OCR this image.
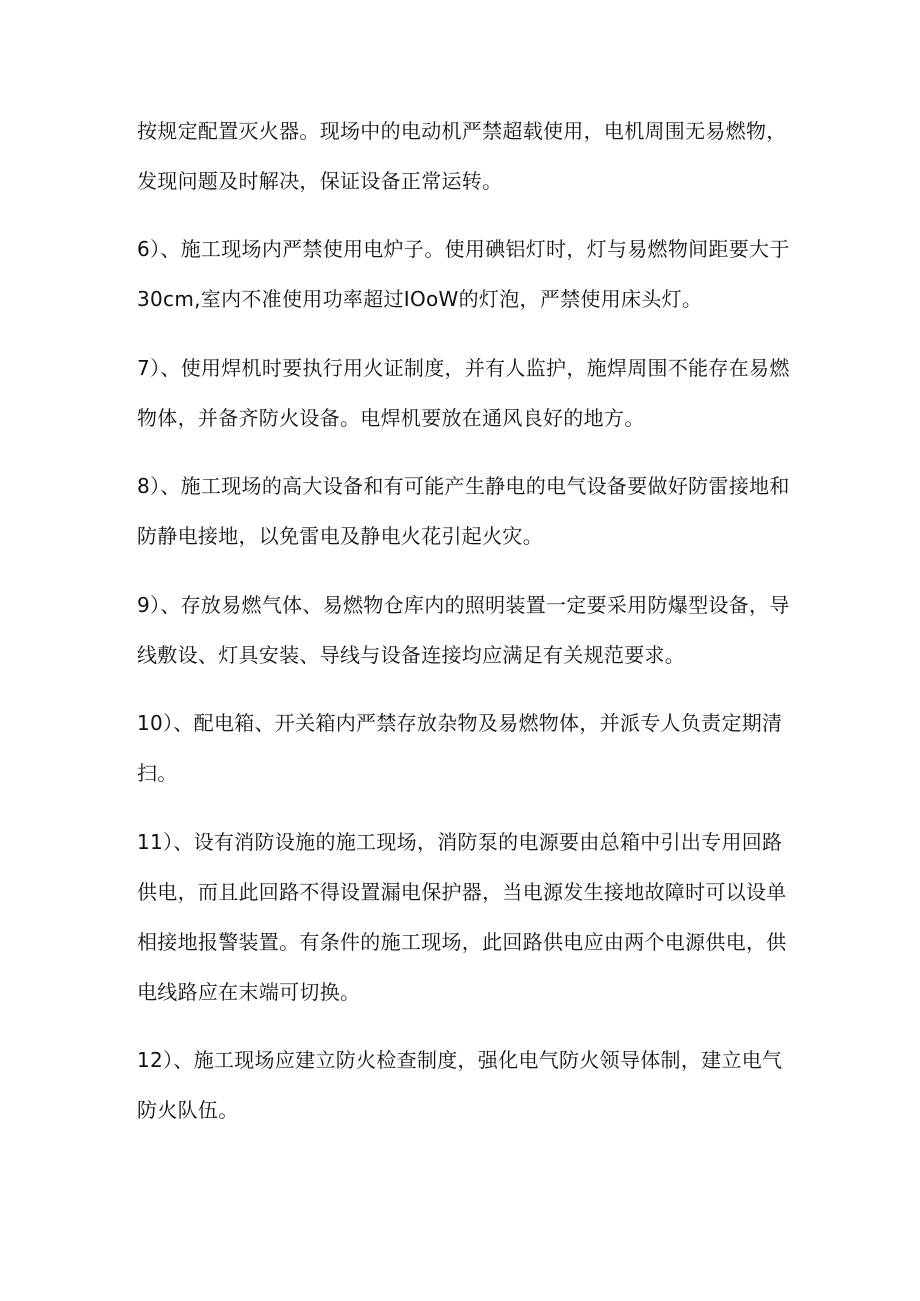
按规定配置灭火器。现场中的电动机严禁超载使用，电机周围无易燃物，
发现问题及时解决，保证设备正常运转。
6）、施工现场内严禁使用电炉子。使用碘铝灯时，灯与易燃物间距要大于
30cm,室内不准使用功率超过IOoW的灯泡，严禁使用床头灯。
7）、使用焊机时要执行用火证制度，并有人监护，施焊周围不能存在易燃
物体，并备齐防火设备。电焊机要放在通风良好的地方。
8）、施工现场的高大设备和有可能产生静电的电气设备要做好防雷接地和
防静电接地，以免雷电及静电火花引起火灾。
9）、存放易燃气体、易燃物仓库内的照明装置一定要采用防爆型设备，导
线敷设、灯具安装、导线与设备连接均应满足有关规范要求。
10）、配电箱、开关箱内严禁存放杂物及易燃物体，并派专人负责定期清
扫。
11）、设有消防设施的施工现场，消防泵的电源要由总箱中引出专用回路
供电，而且此回路不得设置漏电保护器，当电源发生接地故障时可以设单
相接地报警装置。有条件的施工现场，此回路供电应由两个电源供电，供
电线路应在末端可切换。
12）、施工现场应建立防火检查制度，强化电气防火领导体制，建立电气
防火队伍。
